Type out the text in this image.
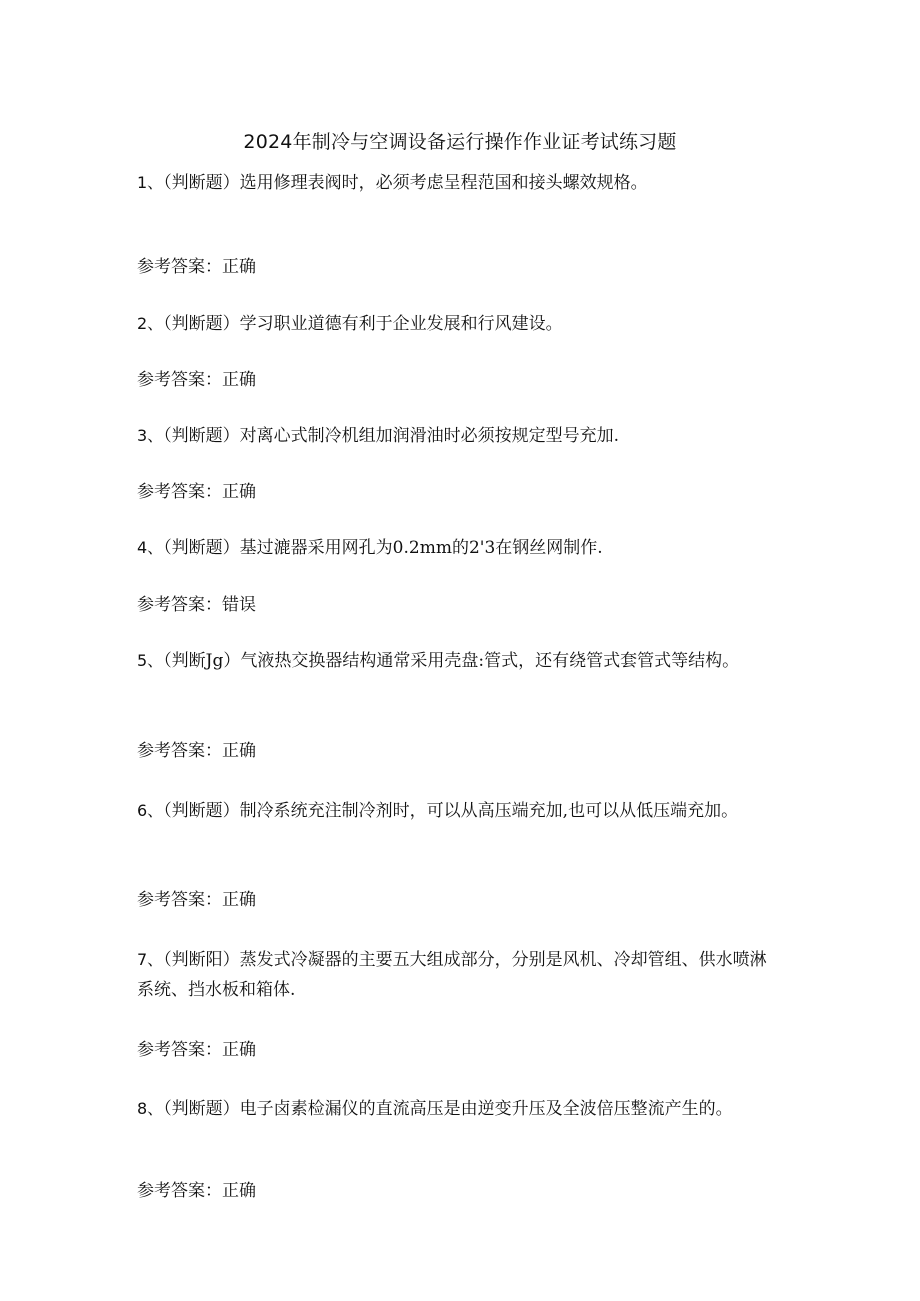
2024年制冷与空调设备运行操作作业证考试练习题

1、（判断题）选用修理表阀时，必须考虑呈程范国和接头螺效规格。

参考答案：正确

2、（判断题）学习职业道德有利于企业发展和行风建设。

参考答案：正确

3、（判断题）对离心式制冷机组加润滑油时必须按规定型号充加.

参考答案：正确

4、（判断题）基过漉器采用网孔为0.2mm的2'3在钢丝网制作.

参考答案：错误

5、（判断Jg）气液热交换器结构通常采用壳盘:管式，还有绕管式套管式等结构。

参考答案：正确

6、（判断题）制冷系统充注制冷剂时，可以从高压端充加,也可以从低压端充加。

参考答案：正确

7、（判断阳）蒸发式冷凝器的主要五大组成部分，分别是风机、冷却管组、供水喷淋系统、挡水板和箱体.

参考答案：正确

8、（判断题）电子卤素检漏仪的直流高压是由逆变升压及全波倍压整流产生的。

参考答案：正确
